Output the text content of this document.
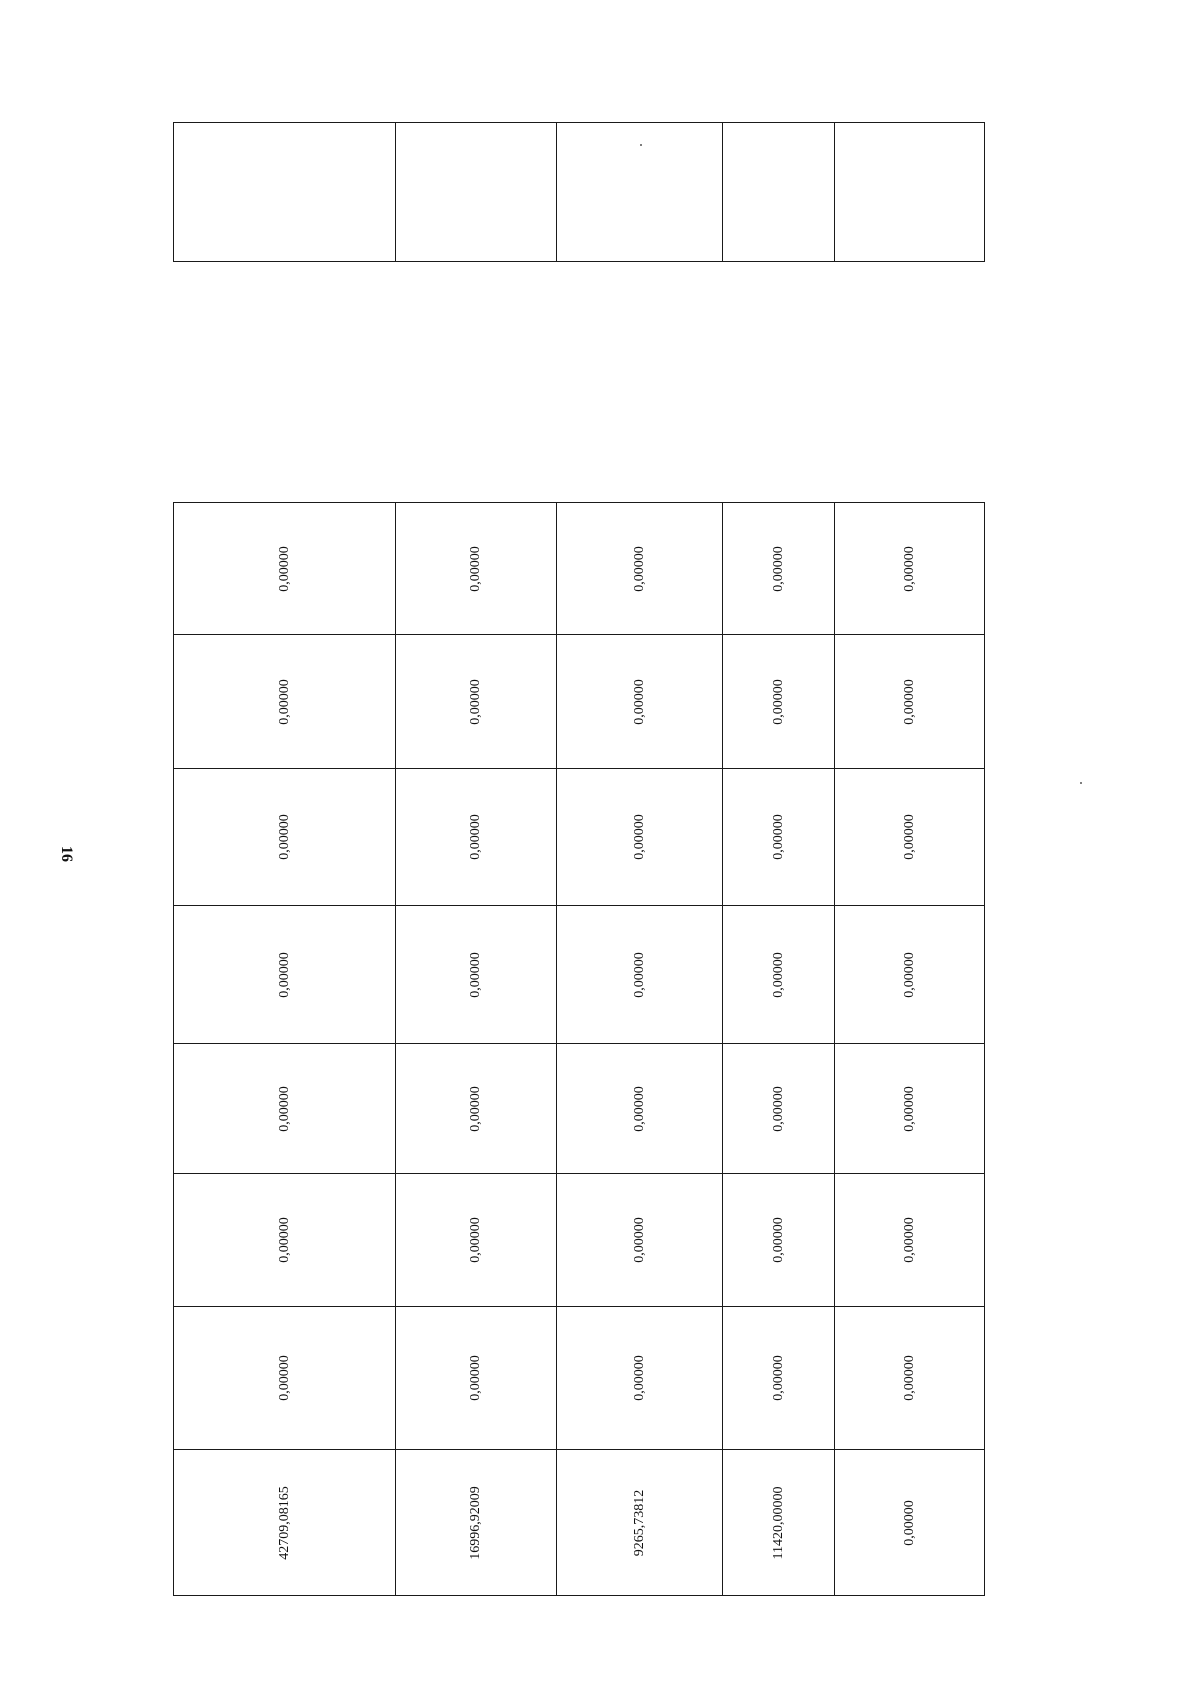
16
0,00000
0,00000
0,00000
0,00000
0,00000
0,00000
0,00000
42709,08165
0,00000
0,00000
0,00000
0,00000
0,00000
0,00000
0,00000
16996,92009
0,00000
0,00000
0,00000
0,00000
0,00000
0,00000
0,00000
9265,73812
0,00000
0,00000
0,00000
0,00000
0,00000
0,00000
0,00000
11420,00000
0,00000
0,00000
0,00000
0,00000
0,00000
0,00000
0,00000
0,00000
